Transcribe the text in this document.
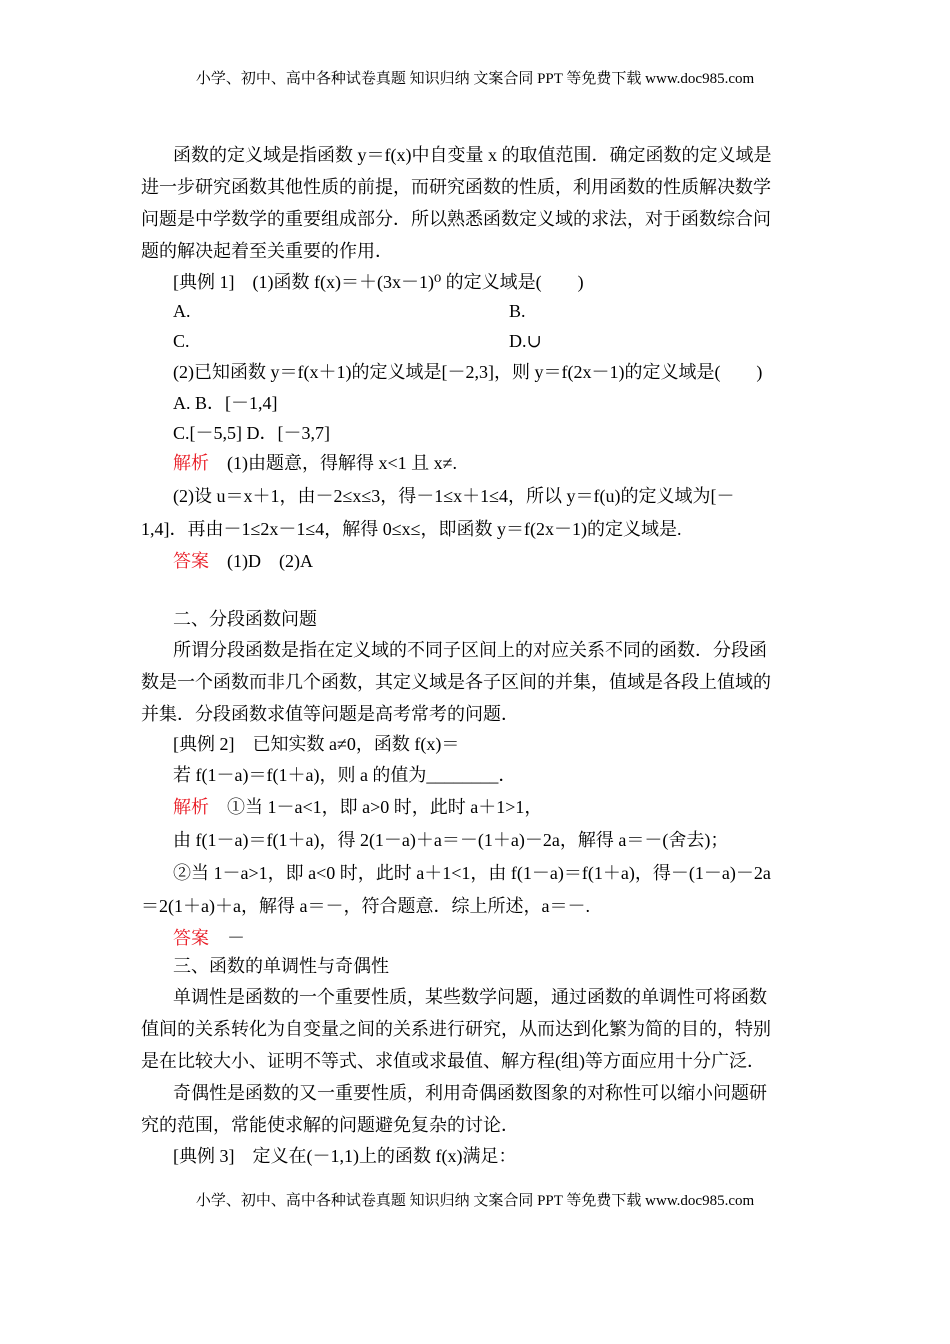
小学、初中、高中各种试卷真题 知识归纳 文案合同 PPT 等免费下载 www.doc985.com
函数的定义域是指函数 y＝f(x)中自变量 x 的取值范围．确定函数的定义域是
进一步研究函数其他性质的前提，而研究函数的性质，利用函数的性质解决数学
问题是中学数学的重要组成部分．所以熟悉函数定义域的求法，对于函数综合问
题的解决起着至关重要的作用．
[典例 1]　(1)函数 f(x)＝＋(3x－1)⁰ 的定义域是(　　)
A.	B.
C.	D.∪
(2)已知函数 y＝f(x＋1)的定义域是[－2,3]，则 y＝f(2x－1)的定义域是(　　)
A. B．[－1,4]
C.[－5,5] D．[－3,7]
解析 (1)由题意，得解得 x<1 且 x≠.
(2)设 u＝x＋1，由－2≤x≤3，得－1≤x＋1≤4，所以 y＝f(u)的定义域为[－
1,4]．再由－1≤2x－1≤4，解得 0≤x≤，即函数 y＝f(2x－1)的定义域是.
答案 (1)D　(2)A
二、分段函数问题
所谓分段函数是指在定义域的不同子区间上的对应关系不同的函数．分段函
数是一个函数而非几个函数，其定义域是各子区间的并集，值域是各段上值域的
并集．分段函数求值等问题是高考常考的问题．
[典例 2]　已知实数 a≠0，函数 f(x)＝
若 f(1－a)＝f(1＋a)，则 a 的值为________．
解析 ①当 1－a<1，即 a>0 时，此时 a＋1>1，
由 f(1－a)＝f(1＋a)，得 2(1－a)＋a＝－(1＋a)－2a，解得 a＝－(舍去)；
②当 1－a>1，即 a<0 时，此时 a＋1<1，由 f(1－a)＝f(1＋a)，得－(1－a)－2a
＝2(1＋a)＋a，解得 a＝－，符合题意．综上所述，a＝－.
答案 －
三、函数的单调性与奇偶性
单调性是函数的一个重要性质，某些数学问题，通过函数的单调性可将函数
值间的关系转化为自变量之间的关系进行研究，从而达到化繁为简的目的，特别
是在比较大小、证明不等式、求值或求最值、解方程(组)等方面应用十分广泛．
奇偶性是函数的又一重要性质，利用奇偶函数图象的对称性可以缩小问题研
究的范围，常能使求解的问题避免复杂的讨论．
[典例 3]　定义在(－1,1)上的函数 f(x)满足：
小学、初中、高中各种试卷真题 知识归纳 文案合同 PPT 等免费下载 www.doc985.com
